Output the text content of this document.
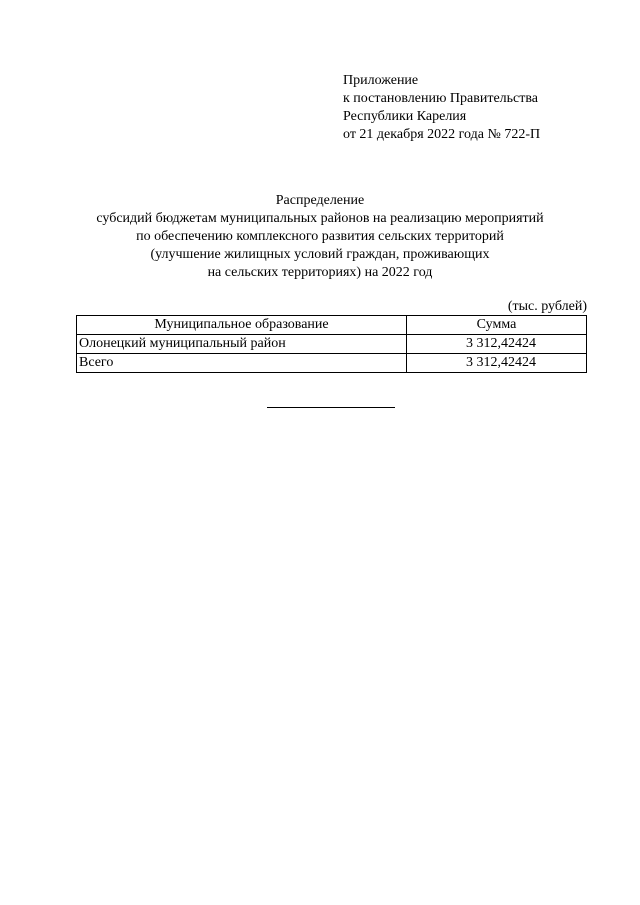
Приложение
к постановлению Правительства
Республики Карелия
от 21 декабря 2022 года № 722-П
Распределение
субсидий бюджетам муниципальных районов на реализацию мероприятий
по обеспечению комплексного развития сельских территорий
(улучшение жилищных условий граждан, проживающих
на сельских территориях) на 2022 год
(тыс. рублей)
Муниципальное образование	Сумма
Олонецкий муниципальный район	3 312,42424
Всего	3 312,42424
